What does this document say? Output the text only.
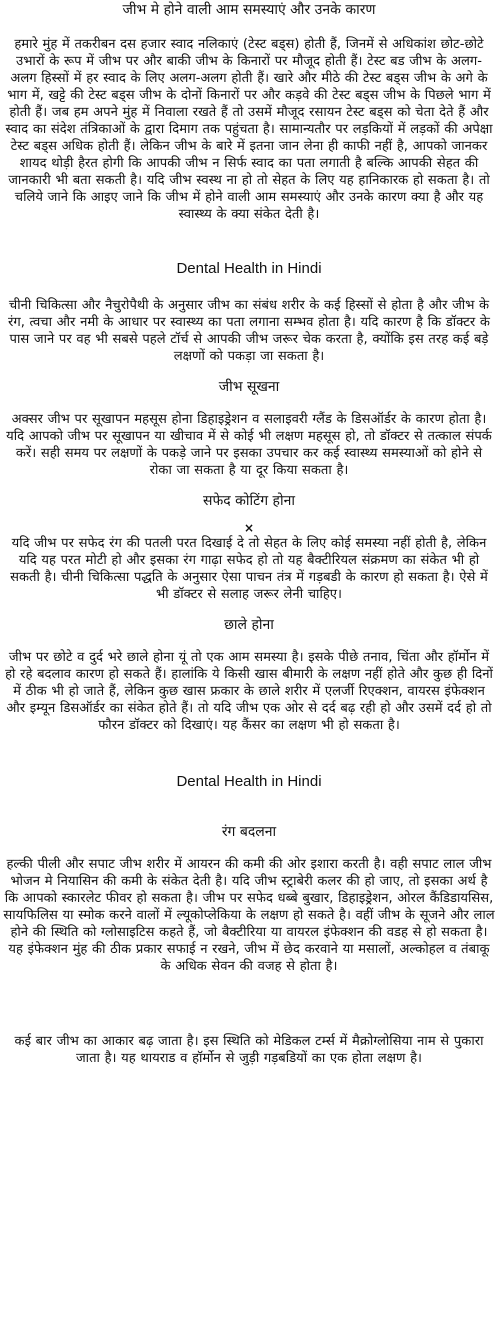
जीभ मे होने वाली आम समस्याएं और उनके कारण

हमारे मुंह में तकरीबन दस हजार स्वाद नलिकाएं (टेस्ट बड्स) होती हैं, जिनमें से अधिकांश छोट-छोटे उभारों के रूप में जीभ पर और बाकी जीभ के किनारों पर मौजूद होती हैं। टेस्ट बड जीभ के अलग-अलग हिस्सों में हर स्वाद के लिए अलग-अलग होती हैं। खारे और मीठे की टेस्ट बड्स जीभ के अगे के भाग में, खट्टे की टेस्ट बड्स जीभ के दोनों किनारों पर और कड़वे की टेस्ट बड्स जीभ के पिछले भाग में होती हैं। जब हम अपने मुंह में निवाला रखते हैं तो उसमें मौजूद रसायन टेस्ट बड्स को चेता देते हैं और स्वाद का संदेश तंत्रिकाओं के द्वारा दिमाग तक पहुंचता है। सामान्यतौर पर लड़कियों में लड़कों की अपेक्षा टेस्ट बड्स अधिक होती हैं। लेकिन जीभ के बारे में इतना जान लेना ही काफी नहीं है, आपको जानकर शायद थोड़ी हैरत होगी कि आपकी जीभ न सिर्फ स्वाद का पता लगाती है बल्कि आपकी सेहत की जानकारी भी बता सकती है। यदि जीभ स्वस्थ ना हो तो सेहत के लिए यह हानिकारक हो सकता है। तो चलिये जाने कि आइए जाने कि जीभ में होने वाली आम समस्याएं और उनके कारण क्या है और यह स्वास्थ्य के क्या संकेत देती है।

Dental Health in Hindi

चीनी चिकित्सा और नैचुरोपैथी के अनुसार जीभ का संबंध शरीर के कई हिस्सों से होता है और जीभ के रंग, त्वचा और नमी के आधार पर स्वास्थ्य का पता लगाना सम्भव होता है। यदि कारण है कि डॉक्टर के पास जाने पर वह भी सबसे पहले टॉर्च से आपकी जीभ जरूर चेक करता है, क्योंकि इस तरह कई बड़े लक्षणों को पकड़ा जा सकता है।

जीभ सूखना

अक्सर जीभ पर सूखापन महसूस होना डिहाइड्रेशन व सलाइवरी ग्लैंड के डिसऑर्डर के कारण होता है। यदि आपको जीभ पर सूखापन या खीचाव में से कोई भी लक्षण महसूस हो, तो डॉक्टर से तत्काल संपर्क करें। सही समय पर लक्षणों के पकड़े जाने पर इसका उपचार कर कई स्वास्थ्य समस्याओं को होने से रोका जा सकता है या दूर किया सकता है।

सफेद कोटिंग होना

×

यदि जीभ पर सफेद रंग की पतली परत दिखाई दे तो सेहत के लिए कोई समस्या नहीं होती है, लेकिन यदि यह परत मोटी हो और इसका रंग गाढ़ा सफेद हो तो यह बैक्टीरियल संक्रमण का संकेत भी हो सकती है। चीनी चिकित्सा पद्धति के अनुसार ऐसा पाचन तंत्र में गड़बडी के कारण हो सकता है। ऐसे में भी डॉक्टर से सलाह जरूर लेनी चाहिए।

छाले होना

जीभ पर छोटे व दुर्द भरे छाले होना यूं तो एक आम समस्या है। इसके पीछे तनाव, चिंता और हॉर्मोन में हो रहे बदलाव कारण हो सकते हैं। हालांकि ये किसी खास बीमारी के लक्षण नहीं होते और कुछ ही दिनों में ठीक भी हो जाते हैं, लेकिन कुछ खास फ्रकार के छाले शरीर में एलर्जी रिएक्शन, वायरस इंफेक्शन और इम्यून डिसऑर्डर का संकेत होते हैं। तो यदि जीभ एक ओर से दर्द बढ़ रही हो और उसमें दर्द हो तो फौरन डॉक्टर को दिखाएं। यह कैंसर का लक्षण भी हो सकता है।

Dental Health in Hindi

रंग बदलना

हल्की पीली और सपाट जीभ शरीर में आयरन की कमी की ओर इशारा करती है। वही सपाट लाल जीभ भोजन मे नियासिन की कमी के संकेत देती है। यदि जीभ स्ट्राबेरी कलर की हो जाए, तो इसका अर्थ है कि आपको स्कारलेट फीवर हो सकता है। जीभ पर सफेद धब्बे बुखार, डिहाइड्रेशन, ओरल कैंडिडायसिस, सायफिलिस या स्मोक करने वालों में ल्यूकोप्लेकिया के लक्षण हो सकते है। वहीं जीभ के सूजने और लाल होने की स्थिति को ग्लोसाइटिस कहते हैं, जो बैक्टीरिया या वायरल इंफेक्शन की वडह से हो सकता है। यह इंफेक्शन मुंह की ठीक प्रकार सफाई न रखने, जीभ में छेद करवाने या मसालों, अल्कोहल व तंबाकू के अधिक सेवन की वजह से होता है।

कई बार जीभ का आकार बढ़ जाता है। इस स्थिति को मेडिकल टर्म्स में मैक्रोग्लोसिया नाम से पुकारा जाता है। यह थायराड व हॉर्मोन से जुड़ी गड़बडियों का एक होता लक्षण है।
